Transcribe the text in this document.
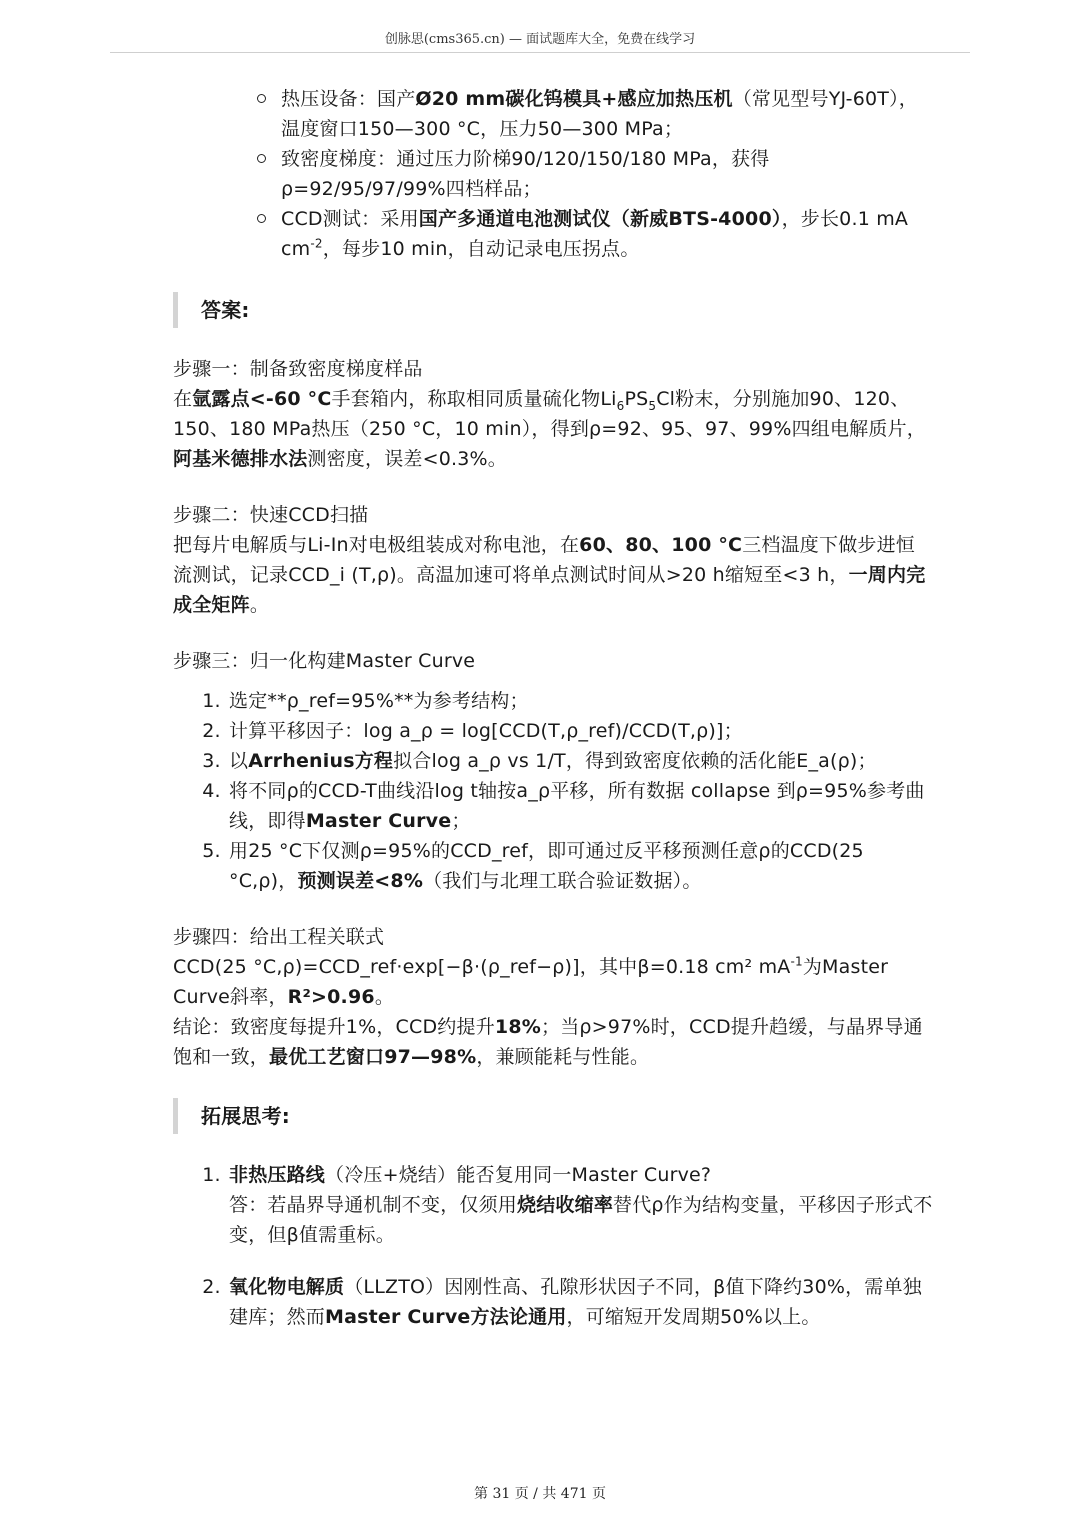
创脉思(cms365.cn) — 面试题库大全，免费在线学习
热压设备：国产Ø20 mm碳化钨模具+感应加热压机（常见型号YJ-60T），温度窗口150—300 °C，压力50—300 MPa；
致密度梯度：通过压力阶梯90/120/150/180 MPa，获得ρ=92/95/97/99%四档样品；
CCD测试：采用国产多通道电池测试仪（新威BTS-4000），步长0.1 mA $cm^{-2}$，每步10 min，自动记录电压拐点。
答案:

步骤一：制备致密度梯度样品

在氩露点<-60 °C手套箱内，称取相同质量硫化物$Li_6PS_5Cl$粉末，分别施加90、120、150、180 MPa热压（250 °C，10 min），得到ρ=92、95、97、99%四组电解质片，阿基米德排水法测密度，误差<0.3%。

步骤二：快速CCD扫描

把每片电解质与Li-In对电极组装成对称电池，在60、80、100 °C三档温度下做步进恒流测试，记录CCD_i (T,ρ)。高温加速可将单点测试时间从>20 h缩短至<3 h，一周内完成全矩阵。

步骤三：归一化构建Master Curve

1. 选定**ρ_ref=95%**为参考结构；
2. 计算平移因子：log a_ρ = log[CCD(T,ρ_ref)/CCD(T,ρ)]；
3. 以Arrhenius方程拟合log a_ρ vs 1/T，得到致密度依赖的活化能E_a(ρ)；
4. 将不同ρ的CCD-T曲线沿log t轴按a_ρ平移，所有数据 collapse 到ρ=95%参考曲线，即得Master Curve；
5. 用25 °C下仅测ρ=95%的CCD_ref，即可通过反平移预测任意ρ的CCD(25 °C,ρ)，预测误差<8%（我们与北理工联合验证数据）。

步骤四：给出工程关联式

CCD(25 °C,ρ)=CCD_ref·exp[−β·(ρ_ref−ρ)]，其中β=0.18 cm² $mA^{-1}$为Master Curve斜率，R²>0.96。

结论：致密度每提升1%，CCD约提升18%；当ρ>97%时，CCD提升趋缓，与晶界导通饱和一致，最优工艺窗口97—98%，兼顾能耗与性能。

拓展思考:
1. 非热压路线（冷压+烧结）能否复用同一Master Curve?
答：若晶界导通机制不变，仅须用烧结收缩率替代ρ作为结构变量，平移因子形式不变，但β值需重标。
2. 氧化物电解质（LLZTO）因刚性高、孔隙形状因子不同，β值下降约30%，需单独建库；然而Master Curve方法论通用，可缩短开发周期50%以上。
第 31 页 / 共 471 页
